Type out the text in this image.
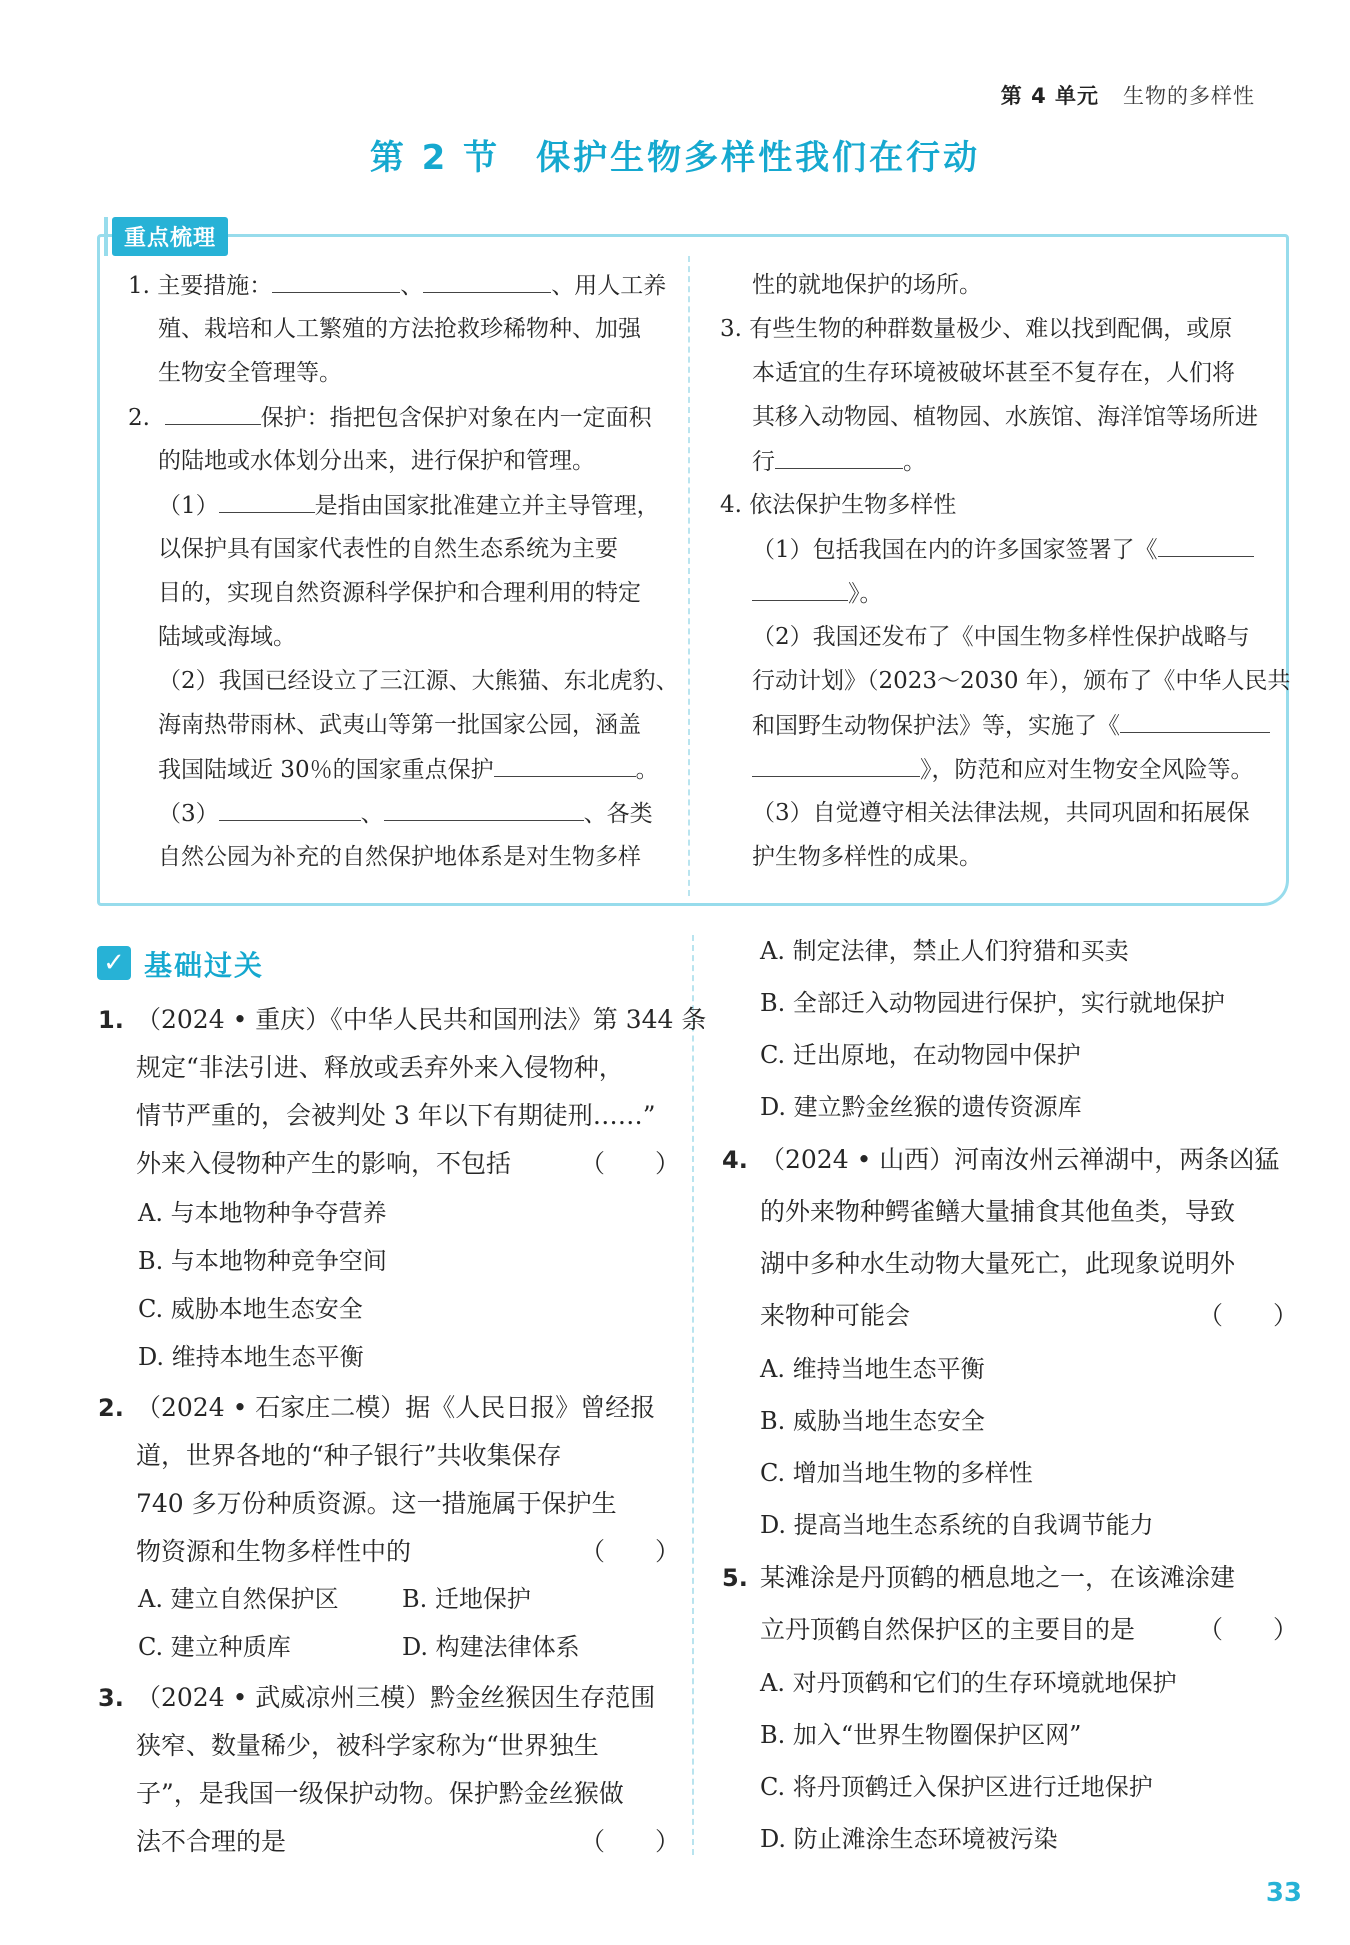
第 4 单元 生物的多样性
第 2 节 保护生物多样性我们在行动
重点梳理
1. 主要措施：	、	、用人工养
殖、栽培和人工繁殖的方法抢救珍稀物种、加强
生物安全管理等。
2.	保护：指把包含保护对象在内一定面积
的陆地或水体划分出来，进行保护和管理。
（1）	是指由国家批准建立并主导管理，
以保护具有国家代表性的自然生态系统为主要
目的，实现自然资源科学保护和合理利用的特定
陆域或海域。
（2）我国已经设立了三江源、大熊猫、东北虎豹、
海南热带雨林、武夷山等第一批国家公园，涵盖
我国陆域近 30％的国家重点保护	。
（3）	、	、各类
自然公园为补充的自然保护地体系是对生物多样
性的就地保护的场所。
3. 有些生物的种群数量极少、难以找到配偶，或原
本适宜的生存环境被破坏甚至不复存在，人们将
其移入动物园、植物园、水族馆、海洋馆等场所进
行	。
4. 依法保护生物多样性
（1）包括我国在内的许多国家签署了《
》。
（2）我国还发布了《中国生物多样性保护战略与
行动计划》（2023～2030 年），颁布了《中华人民共
和国野生动物保护法》等，实施了《
》，防范和应对生物安全风险等。
（3）自觉遵守相关法律法规，共同巩固和拓展保
护生物多样性的成果。
✓ 基础过关
1. （2024 • 重庆）《中华人民共和国刑法》第 344 条
规定“非法引进、释放或丢弃外来入侵物种，
情节严重的，会被判处 3 年以下有期徒刑……”
外来入侵物种产生的影响，不包括	（　　）
A. 与本地物种争夺营养
B. 与本地物种竞争空间
C. 威胁本地生态安全
D. 维持本地生态平衡
2. （2024 • 石家庄二模）据《人民日报》曾经报
道，世界各地的“种子银行”共收集保存
740 多万份种质资源。这一措施属于保护生
物资源和生物多样性中的	（　　）
A. 建立自然保护区	B. 迁地保护
C. 建立种质库	D. 构建法律体系
3. （2024 • 武威凉州三模）黔金丝猴因生存范围
狭窄、数量稀少，被科学家称为“世界独生
子”，是我国一级保护动物。保护黔金丝猴做
法不合理的是	（　　）
A. 制定法律，禁止人们狩猎和买卖
B. 全部迁入动物园进行保护，实行就地保护
C. 迁出原地，在动物园中保护
D. 建立黔金丝猴的遗传资源库
4. （2024 • 山西）河南汝州云禅湖中，两条凶猛
的外来物种鳄雀鳝大量捕食其他鱼类，导致
湖中多种水生动物大量死亡，此现象说明外
来物种可能会	（　　）
A. 维持当地生态平衡
B. 威胁当地生态安全
C. 增加当地生物的多样性
D. 提高当地生态系统的自我调节能力
5. 某滩涂是丹顶鹤的栖息地之一，在该滩涂建
立丹顶鹤自然保护区的主要目的是	（　　）
A. 对丹顶鹤和它们的生存环境就地保护
B. 加入“世界生物圈保护区网”
C. 将丹顶鹤迁入保护区进行迁地保护
D. 防止滩涂生态环境被污染
33
